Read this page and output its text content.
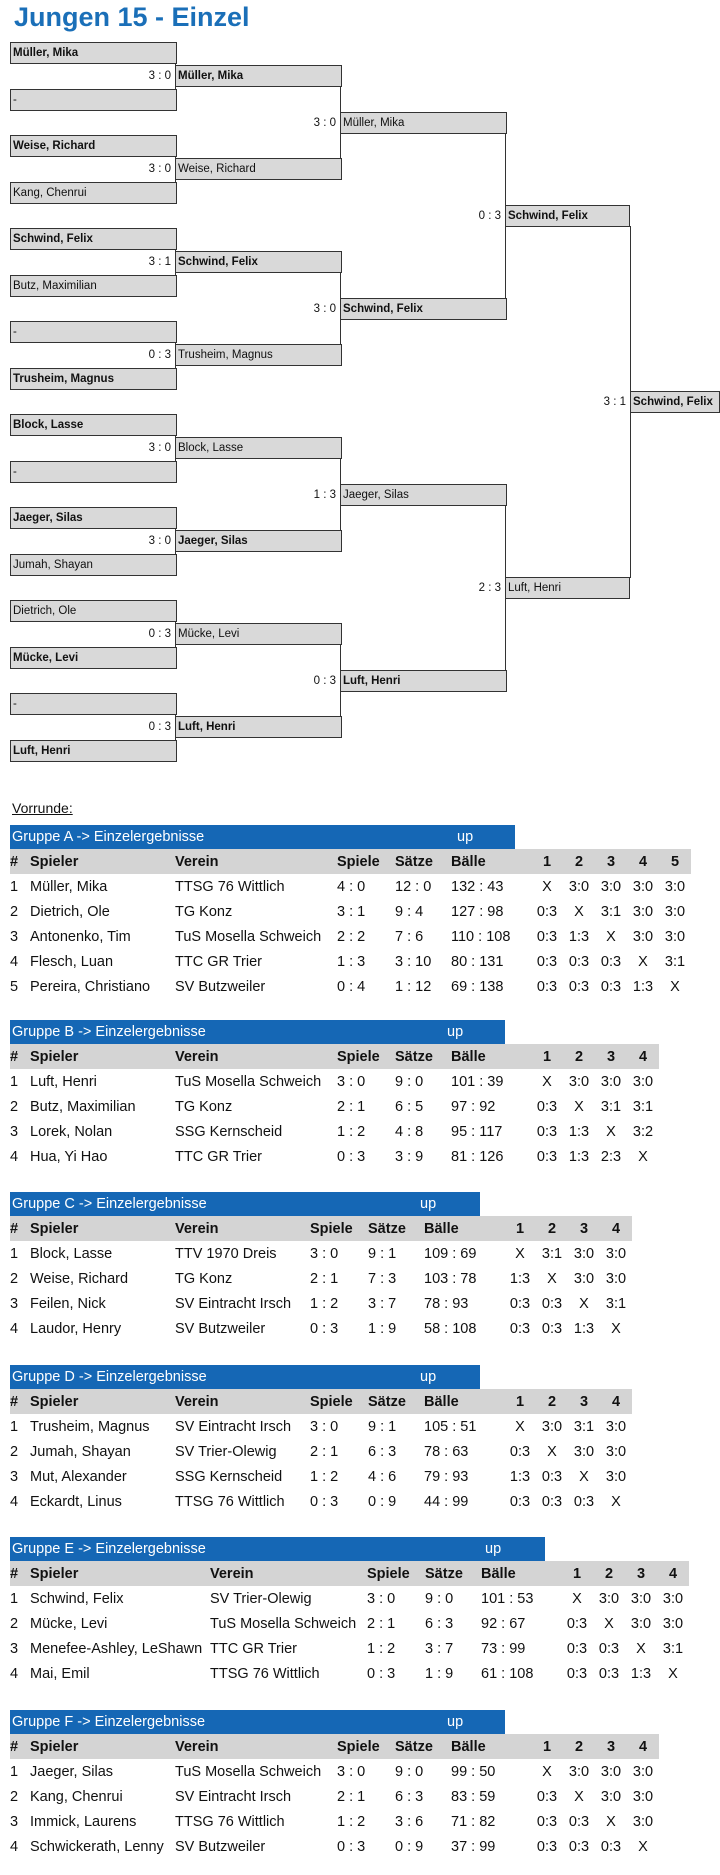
Jungen 15 - Einzel
Müller, Mika
-
Weise, Richard
Kang, Chenrui
Schwind, Felix
Butz, Maximilian
-
Trusheim, Magnus
Block, Lasse
-
Jaeger, Silas
Jumah, Shayan
Dietrich, Ole
Mücke, Levi
-
Luft, Henri
Müller, Mika
3 : 0
Weise, Richard
3 : 0
Schwind, Felix
3 : 1
Trusheim, Magnus
0 : 3
Block, Lasse
3 : 0
Jaeger, Silas
3 : 0
Mücke, Levi
0 : 3
Luft, Henri
0 : 3
Müller, Mika
3 : 0
Schwind, Felix
3 : 0
Jaeger, Silas
1 : 3
Luft, Henri
0 : 3
Schwind, Felix
0 : 3
Luft, Henri
2 : 3
Schwind, Felix
3 : 1
Vorrunde:
Gruppe A -> Einzelergebnisse	up
#	Spieler	Verein	Spiele	Sätze	Bälle	1	2	3	4	5
1	Müller, Mika	TTSG 76 Wittlich	4 : 0	12 : 0	132 : 43	X	3:0	3:0	3:0	3:0
2	Dietrich, Ole	TG Konz	3 : 1	9 : 4	127 : 98	0:3	X	3:1	3:0	3:0
3	Antonenko, Tim	TuS Mosella Schweich	2 : 2	7 : 6	110 : 108	0:3	1:3	X	3:0	3:0
4	Flesch, Luan	TTC GR Trier	1 : 3	3 : 10	80 : 131	0:3	0:3	0:3	X	3:1
5	Pereira, Christiano	SV Butzweiler	0 : 4	1 : 12	69 : 138	0:3	0:3	0:3	1:3	X
Gruppe B -> Einzelergebnisse	up
#	Spieler	Verein	Spiele	Sätze	Bälle	1	2	3	4
1	Luft, Henri	TuS Mosella Schweich	3 : 0	9 : 0	101 : 39	X	3:0	3:0	3:0
2	Butz, Maximilian	TG Konz	2 : 1	6 : 5	97 : 92	0:3	X	3:1	3:1
3	Lorek, Nolan	SSG Kernscheid	1 : 2	4 : 8	95 : 117	0:3	1:3	X	3:2
4	Hua, Yi Hao	TTC GR Trier	0 : 3	3 : 9	81 : 126	0:3	1:3	2:3	X
Gruppe C -> Einzelergebnisse	up
#	Spieler	Verein	Spiele	Sätze	Bälle	1	2	3	4
1	Block, Lasse	TTV 1970 Dreis	3 : 0	9 : 1	109 : 69	X	3:1	3:0	3:0
2	Weise, Richard	TG Konz	2 : 1	7 : 3	103 : 78	1:3	X	3:0	3:0
3	Feilen, Nick	SV Eintracht Irsch	1 : 2	3 : 7	78 : 93	0:3	0:3	X	3:1
4	Laudor, Henry	SV Butzweiler	0 : 3	1 : 9	58 : 108	0:3	0:3	1:3	X
Gruppe D -> Einzelergebnisse	up
#	Spieler	Verein	Spiele	Sätze	Bälle	1	2	3	4
1	Trusheim, Magnus	SV Eintracht Irsch	3 : 0	9 : 1	105 : 51	X	3:0	3:1	3:0
2	Jumah, Shayan	SV Trier-Olewig	2 : 1	6 : 3	78 : 63	0:3	X	3:0	3:0
3	Mut, Alexander	SSG Kernscheid	1 : 2	4 : 6	79 : 93	1:3	0:3	X	3:0
4	Eckardt, Linus	TTSG 76 Wittlich	0 : 3	0 : 9	44 : 99	0:3	0:3	0:3	X
Gruppe E -> Einzelergebnisse	up
#	Spieler	Verein	Spiele	Sätze	Bälle	1	2	3	4
1	Schwind, Felix	SV Trier-Olewig	3 : 0	9 : 0	101 : 53	X	3:0	3:0	3:0
2	Mücke, Levi	TuS Mosella Schweich	2 : 1	6 : 3	92 : 67	0:3	X	3:0	3:0
3	Menefee-Ashley, LeShawn	TTC GR Trier	1 : 2	3 : 7	73 : 99	0:3	0:3	X	3:1
4	Mai, Emil	TTSG 76 Wittlich	0 : 3	1 : 9	61 : 108	0:3	0:3	1:3	X
Gruppe F -> Einzelergebnisse	up
#	Spieler	Verein	Spiele	Sätze	Bälle	1	2	3	4
1	Jaeger, Silas	TuS Mosella Schweich	3 : 0	9 : 0	99 : 50	X	3:0	3:0	3:0
2	Kang, Chenrui	SV Eintracht Irsch	2 : 1	6 : 3	83 : 59	0:3	X	3:0	3:0
3	Immick, Laurens	TTSG 76 Wittlich	1 : 2	3 : 6	71 : 82	0:3	0:3	X	3:0
4	Schwickerath, Lenny	SV Butzweiler	0 : 3	0 : 9	37 : 99	0:3	0:3	0:3	X
